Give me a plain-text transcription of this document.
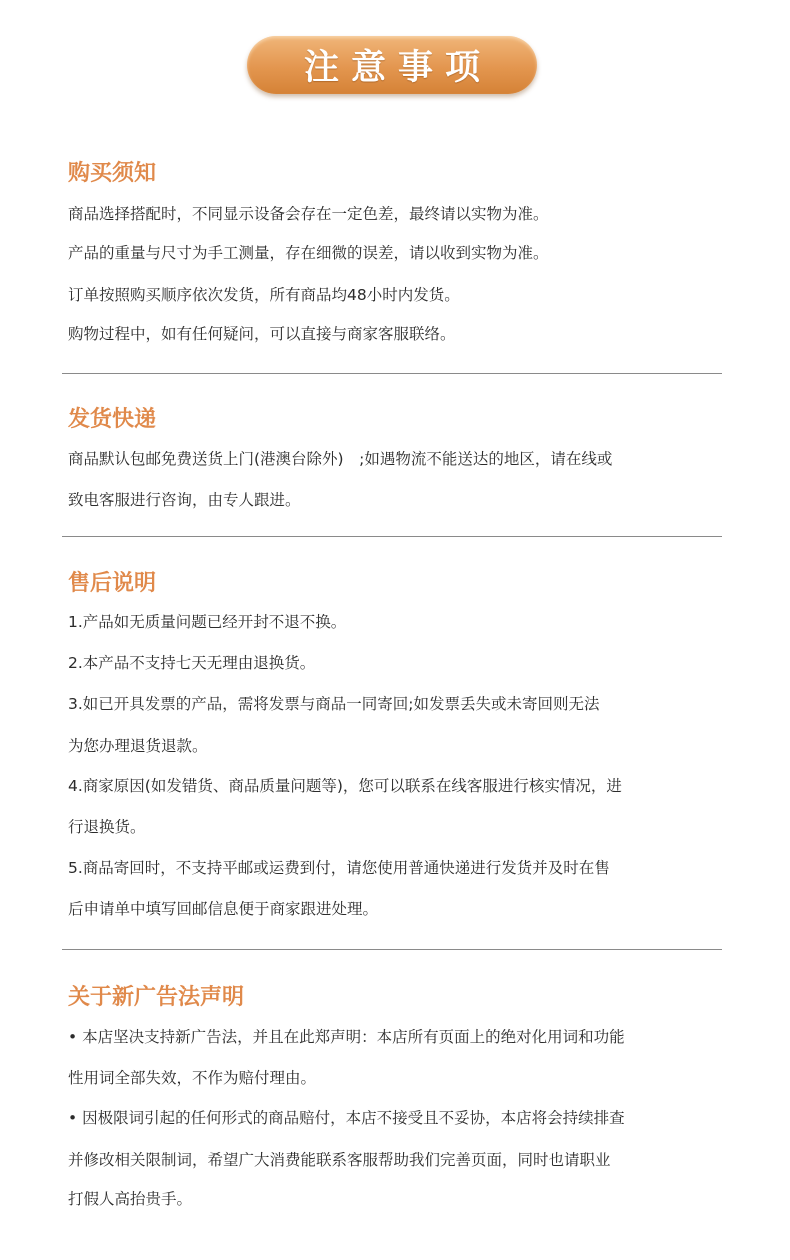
注意事项
购买须知

商品选择搭配时，不同显示设备会存在一定色差，最终请以实物为准。

产品的重量与尺寸为手工测量，存在细微的误差，请以收到实物为准。

订单按照购买顺序依次发货，所有商品均48小时内发货。

购物过程中，如有任何疑问，可以直接与商家客服联络。

发货快递

商品默认包邮免费送货上门(港澳台除外)　;如遇物流不能送达的地区，请在线或

致电客服进行咨询，由专人跟进。

售后说明

1.产品如无质量问题已经开封不退不换。

2.本产品不支持七天无理由退换货。

3.如已开具发票的产品，需将发票与商品一同寄回;如发票丢失或未寄回则无法

为您办理退货退款。

4.商家原因(如发错货、商品质量问题等)，您可以联系在线客服进行核实情况，进

行退换货。

5.商品寄回时，不支持平邮或运费到付，请您使用普通快递进行发货并及时在售

后申请单中填写回邮信息便于商家跟进处理。

关于新广告法声明

• 本店坚决支持新广告法，并且在此郑声明：本店所有页面上的绝对化用词和功能

性用词全部失效，不作为赔付理由。

• 因极限词引起的任何形式的商品赔付，本店不接受且不妥协，本店将会持续排查

并修改相关限制词，希望广大消费能联系客服帮助我们完善页面，同时也请职业

打假人高抬贵手。
